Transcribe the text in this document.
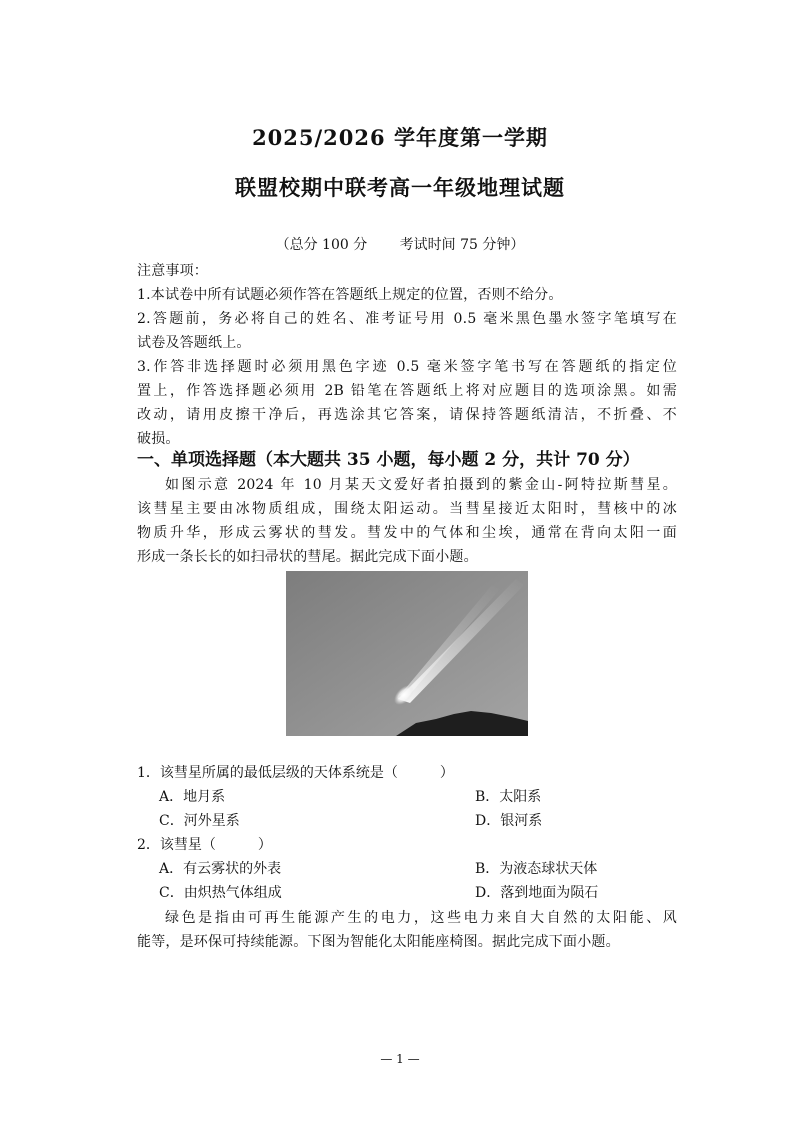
2025/2026 学年度第一学期
联盟校期中联考高一年级地理试题
（总分 100 分 考试时间 75 分钟）
注意事项：
1.本试卷中所有试题必须作答在答题纸上规定的位置，否则不给分。
2.答题前，务必将自己的姓名、准考证号用 0.5 毫米黑色墨水签字笔填写在
试卷及答题纸上。
3.作答非选择题时必须用黑色字迹 0.5 毫米签字笔书写在答题纸的指定位
置上，作答选择题必须用 2B 铅笔在答题纸上将对应题目的选项涂黑。如需
改动，请用皮擦干净后，再选涂其它答案，请保持答题纸清洁，不折叠、不
破损。
一、单项选择题（本大题共 35 小题，每小题 2 分，共计 70 分）
如图示意 2024 年 10 月某天文爱好者拍摄到的紫金山-阿特拉斯彗星。
该彗星主要由冰物质组成，围绕太阳运动。当彗星接近太阳时，彗核中的冰
物质升华，形成云雾状的彗发。彗发中的气体和尘埃，通常在背向太阳一面
形成一条长长的如扫帚状的彗尾。据此完成下面小题。
1．该彗星所属的最低层级的天体系统是（　　　）
A．地月系	B．太阳系
C．河外星系	D．银河系
2．该彗星（　　　）
A．有云雾状的外表	B．为液态球状天体
C．由炽热气体组成	D．落到地面为陨石
绿色是指由可再生能源产生的电力，这些电力来自大自然的太阳能、风
能等，是环保可持续能源。下图为智能化太阳能座椅图。据此完成下面小题。
— 1 —
